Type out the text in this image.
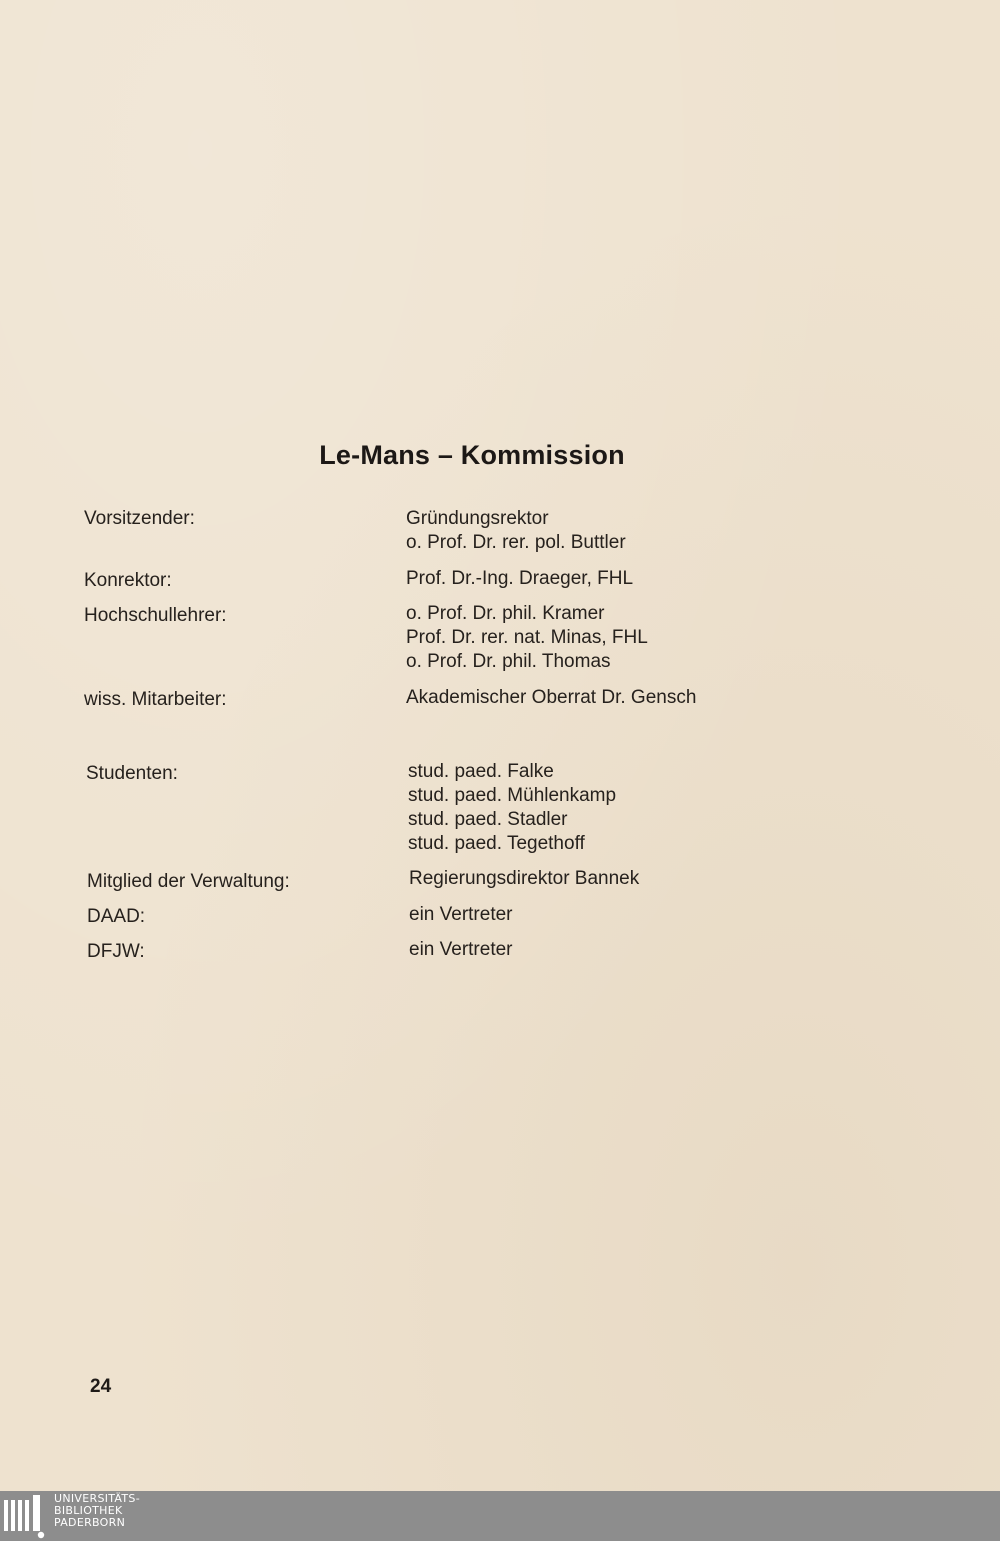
Le-Mans – Kommission
Vorsitzender:	Gründungsrektor
o. Prof. Dr. rer. pol. Buttler
Konrektor:	Prof. Dr.-Ing. Draeger, FHL
Hochschullehrer:	o. Prof. Dr. phil. Kramer
Prof. Dr. rer. nat. Minas, FHL
o. Prof. Dr. phil. Thomas
wiss. Mitarbeiter:	Akademischer Oberrat Dr. Gensch
Studenten:	stud. paed. Falke
stud. paed. Mühlenkamp
stud. paed. Stadler
stud. paed. Tegethoff
Mitglied der Verwaltung:	Regierungsdirektor Bannek
DAAD:	ein Vertreter
DFJW:	ein Vertreter
24
UNIVERSITÄTS-
BIBLIOTHEK
PADERBORN
